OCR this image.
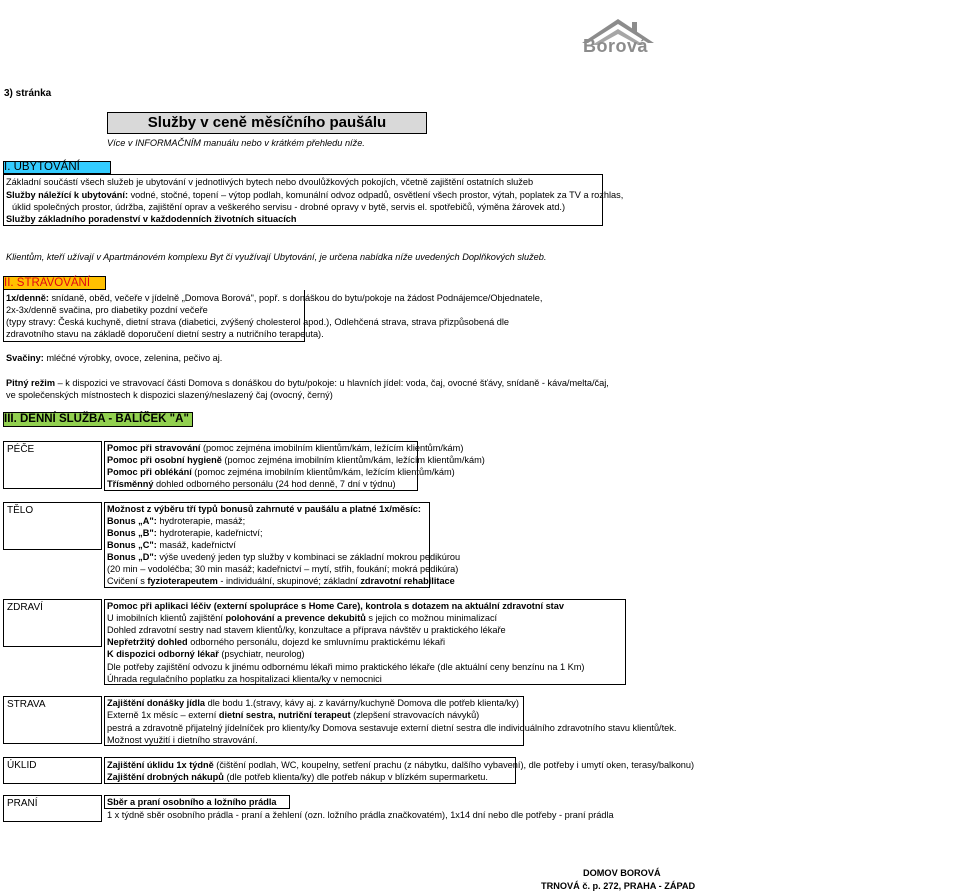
Borová
3) stránka
Služby v ceně měsíčního paušálu
Více v INFORMAČNÍM manuálu nebo v krátkém přehledu níže.
I. UBYTOVÁNÍ
Základní součástí všech služeb je ubytování v jednotlivých bytech nebo dvoulůžkových pokojích, včetně zajištění ostatních služeb
Služby náležící k ubytování: vodné, stočné, topení – výtop podlah, komunální odvoz odpadů, osvětlení všech prostor, výtah, poplatek za TV a rozhlas,
úklid společných prostor, údržba, zajištění oprav a veškerého servisu - drobné opravy v bytě, servis el. spotřebičů, výměna žárovek atd.)
Služby základního poradenství v každodenních životních situacích
Klientům, kteří užívají v Apartmánovém komplexu Byt či využívají Ubytování, je určena nabídka níže uvedených Doplňkových služeb.
II. STRAVOVÁNÍ
1x/denně: snídaně, oběd, večeře v jídelně „Domova Borová", popř. s donáškou do bytu/pokoje na žádost Podnájemce/Objednatele,
2x-3x/denně svačina, pro diabetiky pozdní večeře
(typy stravy: Česká kuchyně, dietní strava (diabetici, zvýšený cholesterol apod.), Odlehčená strava, strava přizpůsobená dle
zdravotního stavu na základě doporučení dietní sestry a nutričního terapeuta).
Svačiny: mléčné výrobky, ovoce, zelenina, pečivo aj.
Pitný režim – k dispozici ve stravovací části Domova s donáškou do bytu/pokoje: u hlavních jídel: voda, čaj, ovocné šťávy, snídaně - káva/melta/čaj,
ve společenských místnostech k dispozici slazený/neslazený čaj (ovocný, černý)
III. DENNÍ SLUŽBA - BALÍČEK "A"
PÉČE	Pomoc při stravování (pomoc zejména imobilním klientům/kám, ležícím klientům/kám)
Pomoc při osobní hygieně (pomoc zejména imobilním klientům/kám, ležícím klientům/kám)
Pomoc při oblékání (pomoc zejména imobilním klientům/kám, ležícím klientům/kám)
Třísměnný dohled odborného personálu (24 hod denně, 7 dní v týdnu)
TĚLO	Možnost z výběru tří typů bonusů zahrnuté v paušálu a platné 1x/měsíc:
Bonus „A": hydroterapie, masáž;
Bonus „B": hydroterapie, kadeřnictví;
Bonus „C": masáž, kadeřnictví
Bonus „D": výše uvedený jeden typ služby v kombinaci se základní mokrou pedikúrou
(20 min – vodoléčba; 30 min masáž; kadeřnictví – mytí, střih, foukání; mokrá pedikúra)
Cvičení s fyzioterapeutem - individuální, skupinové; základní zdravotní rehabilitace
ZDRAVÍ	Pomoc při aplikaci léčiv (externí spolupráce s Home Care), kontrola s dotazem na aktuální zdravotní stav
U imobilních klientů zajištění polohování a prevence dekubitů s jejich co možnou minimalizací
Dohled zdravotní sestry nad stavem klientů/ky, konzultace a příprava návštěv u praktického lékaře
Nepřetržitý dohled odborného personálu, dojezd ke smluvnímu praktickému lékaři
K dispozici odborný lékař (psychiatr, neurolog)
Dle potřeby zajištění odvozu k jinému odbornému lékaři mimo praktického lékaře (dle aktuální ceny benzínu na 1 Km)
Úhrada regulačního poplatku za hospitalizaci klienta/ky v nemocnici
STRAVA	Zajištění donášky jídla dle bodu 1.(stravy, kávy aj. z kavárny/kuchyně Domova dle potřeb klienta/ky)
Externě 1x měsíc – externí dietní sestra, nutriční terapeut (zlepšení stravovacích návyků)
pestrá a zdravotně přijatelný jídelníček pro klienty/ky Domova sestavuje externí dietní sestra dle individuálního zdravotního stavu klientů/tek.
Možnost využití i dietního stravování.
ÚKLID	Zajištění úklidu 1x týdně (čištění podlah, WC, koupelny, setření prachu (z nábytku, dalšího vybavení), dle potřeby i umytí oken, terasy/balkonu)
Zajištění drobných nákupů (dle potřeb klienta/ky) dle potřeb nákup v blízkém supermarketu.
PRANÍ	Sběr a praní osobního a ložního prádla
1 x týdně sběr osobního prádla - praní a žehlení (ozn. ložního prádla značkovatém), 1x14 dní nebo dle potřeby - praní prádla
DOMOV BOROVÁ
TRNOVÁ č. p. 272, PRAHA - ZÁPAD
